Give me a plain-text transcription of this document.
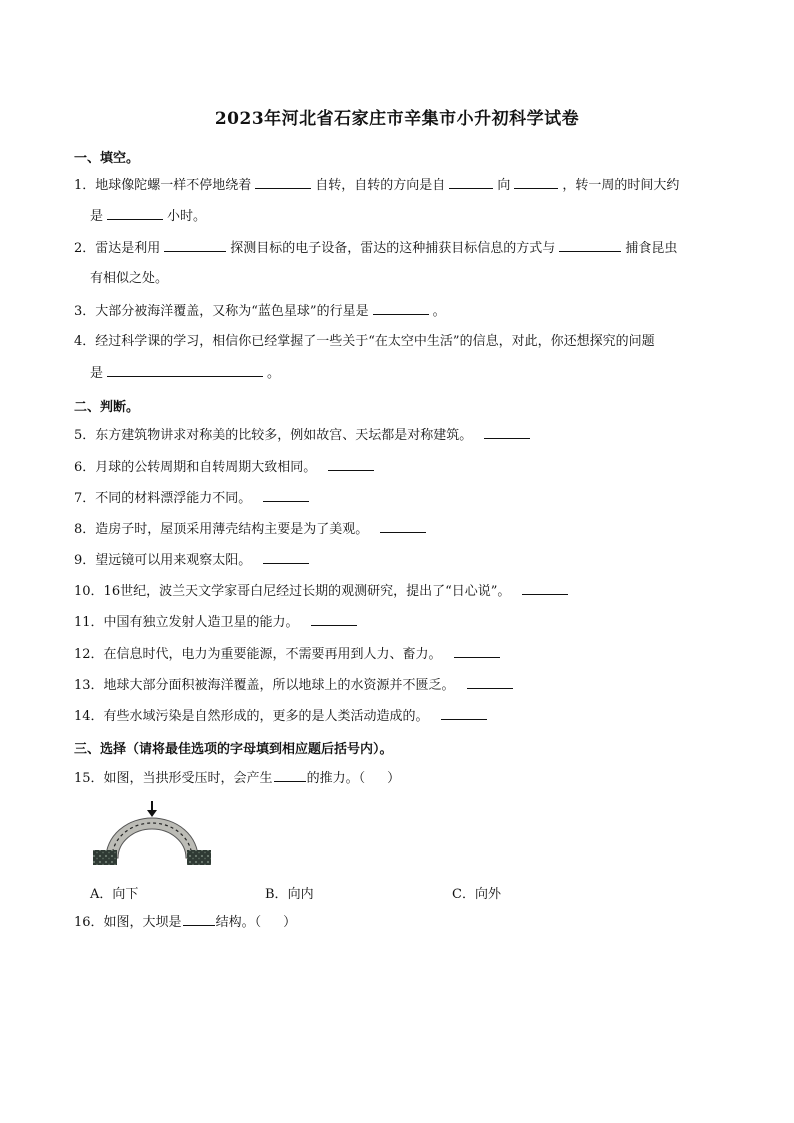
2023年河北省石家庄市辛集市小升初科学试卷
一、填空。
1．地球像陀螺一样不停地绕着	自转，自转的方向是自	向	，转一周的时间大约
是	小时。
2．雷达是利用	探测目标的电子设备，雷达的这种捕获目标信息的方式与	捕食昆虫
有相似之处。
3．大部分被海洋覆盖，又称为“蓝色星球”的行星是	。
4．经过科学课的学习，相信你已经掌握了一些关于“在太空中生活”的信息，对此，你还想探究的问题
是	。
二、判断。
5．东方建筑物讲求对称美的比较多，例如故宫、天坛都是对称建筑。
6．月球的公转周期和自转周期大致相同。
7．不同的材料漂浮能力不同。
8．造房子时，屋顶采用薄壳结构主要是为了美观。
9．望远镜可以用来观察太阳。
10．16世纪，波兰天文学家哥白尼经过长期的观测研究，提出了“日心说”。
11．中国有独立发射人造卫星的能力。
12．在信息时代，电力为重要能源，不需要再用到人力、畜力。
13．地球大部分面积被海洋覆盖，所以地球上的水资源并不匮乏。
14．有些水域污染是自然形成的，更多的是人类活动造成的。
三、选择（请将最佳选项的字母填到相应题后括号内）。
15．如图，当拱形受压时，会产生	的推力。（ ）
A．向下	B．向内	C．向外
16．如图，大坝是	结构。（ ）
